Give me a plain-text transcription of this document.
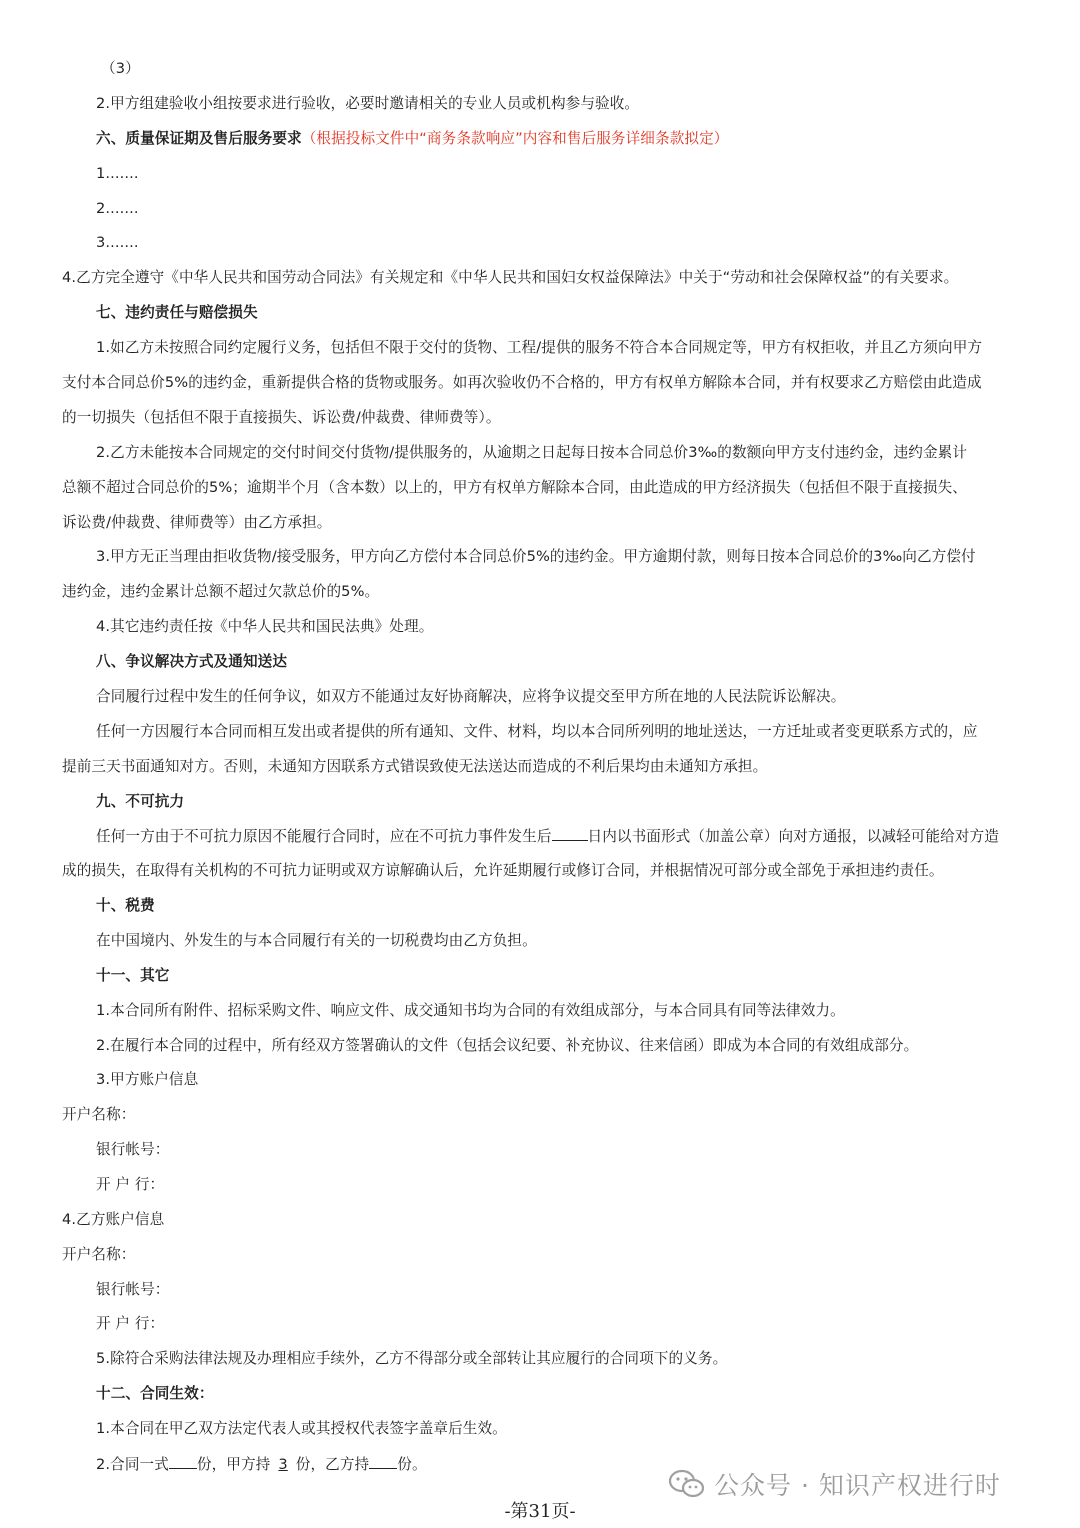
（3）
2.甲方组建验收小组按要求进行验收，必要时邀请相关的专业人员或机构参与验收。
六、质量保证期及售后服务要求（根据投标文件中“商务条款响应”内容和售后服务详细条款拟定）
1.......
2.......
3.......
4.乙方完全遵守《中华人民共和国劳动合同法》有关规定和《中华人民共和国妇女权益保障法》中关于“劳动和社会保障权益”的有关要求。
七、违约责任与赔偿损失
1.如乙方未按照合同约定履行义务，包括但不限于交付的货物、工程/提供的服务不符合本合同规定等，甲方有权拒收，并且乙方须向甲方
支付本合同总价5%的违约金，重新提供合格的货物或服务。如再次验收仍不合格的，甲方有权单方解除本合同，并有权要求乙方赔偿由此造成
的一切损失（包括但不限于直接损失、诉讼费/仲裁费、律师费等）。
2.乙方未能按本合同规定的交付时间交付货物/提供服务的，从逾期之日起每日按本合同总价3‰的数额向甲方支付违约金，违约金累计
总额不超过合同总价的5%；逾期半个月（含本数）以上的，甲方有权单方解除本合同，由此造成的甲方经济损失（包括但不限于直接损失、
诉讼费/仲裁费、律师费等）由乙方承担。
3.甲方无正当理由拒收货物/接受服务，甲方向乙方偿付本合同总价5%的违约金。甲方逾期付款，则每日按本合同总价的3‰向乙方偿付
违约金，违约金累计总额不超过欠款总价的5%。
4.其它违约责任按《中华人民共和国民法典》处理。
八、争议解决方式及通知送达
合同履行过程中发生的任何争议，如双方不能通过友好协商解决，应将争议提交至甲方所在地的人民法院诉讼解决。
任何一方因履行本合同而相互发出或者提供的所有通知、文件、材料，均以本合同所列明的地址送达，一方迁址或者变更联系方式的，应
提前三天书面通知对方。否则，未通知方因联系方式错误致使无法送达而造成的不利后果均由未通知方承担。
九、不可抗力
任何一方由于不可抗力原因不能履行合同时，应在不可抗力事件发生后 日内以书面形式（加盖公章）向对方通报，以减轻可能给对方造
成的损失，在取得有关机构的不可抗力证明或双方谅解确认后，允许延期履行或修订合同，并根据情况可部分或全部免于承担违约责任。
十、税费
在中国境内、外发生的与本合同履行有关的一切税费均由乙方负担。
十一、其它
1.本合同所有附件、招标采购文件、响应文件、成交通知书均为合同的有效组成部分，与本合同具有同等法律效力。
2.在履行本合同的过程中，所有经双方签署确认的文件（包括会议纪要、补充协议、往来信函）即成为本合同的有效组成部分。
3.甲方账户信息
开户名称：
银行帐号：
开 户 行：
4.乙方账户信息
开户名称：
银行帐号：
开 户 行：
5.除符合采购法律法规及办理相应手续外，乙方不得部分或全部转让其应履行的合同项下的义务。
十二、合同生效：
1.本合同在甲乙双方法定代表人或其授权代表签字盖章后生效。
2.合同一式 份，甲方持 3 份，乙方持 份。
公众号 · 知识产权进行时
-第31页-
